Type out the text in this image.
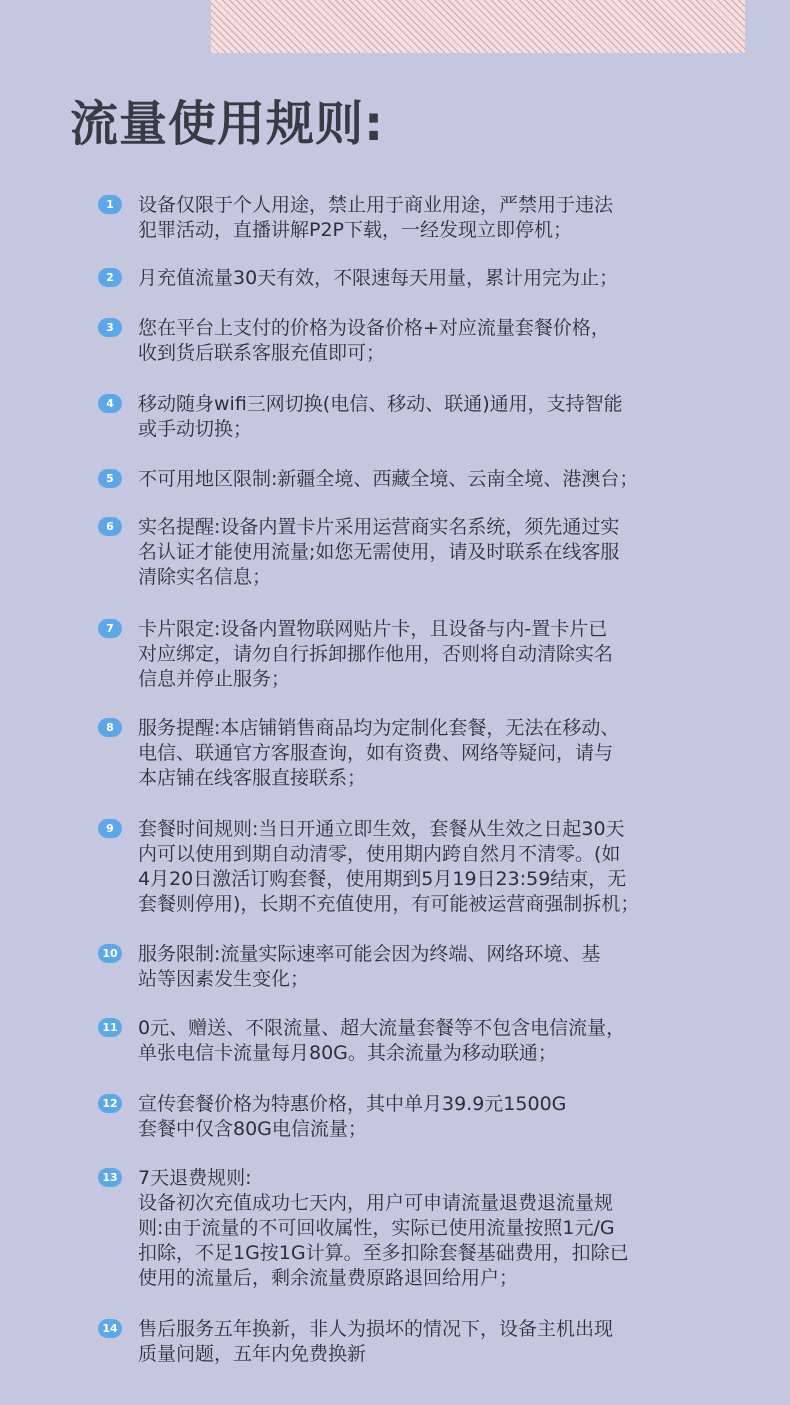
流量使用规则:
1	设备仅限于个人用途，禁止用于商业用途，严禁用于违法
犯罪活动，直播讲解P2P下载，一经发现立即停机；

2	月充值流量30天有效，不限速每天用量，累计用完为止；

3	您在平台上支付的价格为设备价格+对应流量套餐价格，
收到货后联系客服充值即可；

4	移动随身wifi三网切换(电信、移动、联通)通用，支持智能
或手动切换；

5	不可用地区限制:新疆全境、西藏全境、云南全境、港澳台；

6	实名提醒:设备内置卡片采用运营商实名系统，须先通过实
名认证才能使用流量;如您无需使用，请及时联系在线客服
清除实名信息；

7	卡片限定:设备内置物联网贴片卡，且设备与内-置卡片已
对应绑定，请勿自行拆卸挪作他用，否则将自动清除实名
信息并停止服务；

8	服务提醒:本店铺销售商品均为定制化套餐，无法在移动、
电信、联通官方客服查询，如有资费、网络等疑问，请与
本店铺在线客服直接联系；

9	套餐时间规则:当日开通立即生效，套餐从生效之日起30天
内可以使用到期自动清零，使用期内跨自然月不清零。(如
4月20日激活订购套餐，使用期到5月19日23:59结束，无
套餐则停用)，长期不充值使用，有可能被运营商强制拆机；

10 服务限制:流量实际速率可能会因为终端、网络环境、基
站等因素发生变化；

11 0元、赠送、不限流量、超大流量套餐等不包含电信流量，
单张电信卡流量每月80G。其余流量为移动联通；

12 宣传套餐价格为特惠价格，其中单月39.9元1500G
套餐中仅含80G电信流量；

13 7天退费规则:
设备初次充值成功七天内，用户可申请流量退费退流量规
则:由于流量的不可回收属性，实际已使用流量按照1元/G
扣除，不足1G按1G计算。至多扣除套餐基础费用，扣除已
使用的流量后，剩余流量费原路退回给用户；

14 售后服务五年换新，非人为损坏的情况下，设备主机出现
质量问题，五年内免费换新
